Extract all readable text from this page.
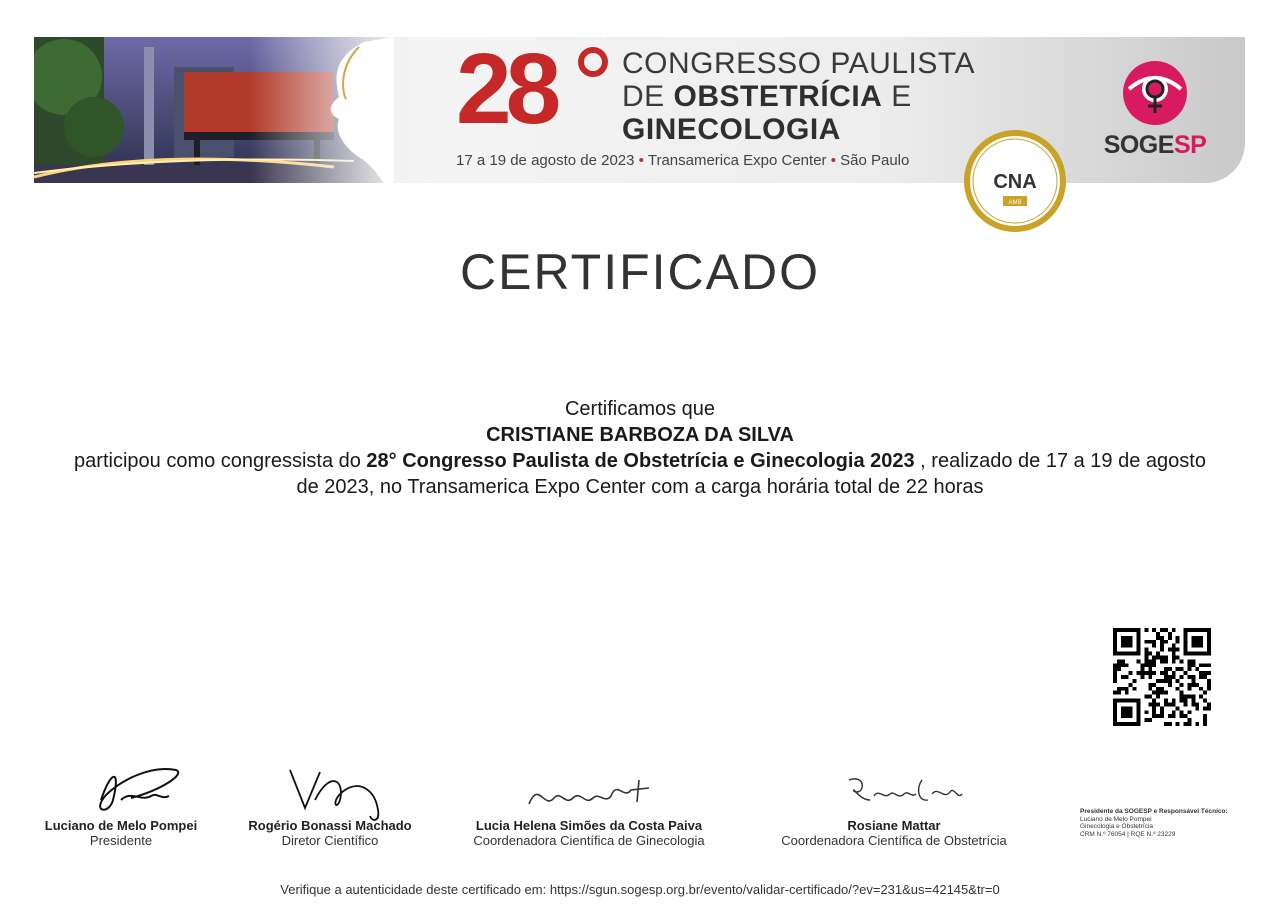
28 CONGRESSO PAULISTA
DE OBSTETRÍCIA E
GINECOLOGIA
17 a 19 de agosto de 2023 • Transamerica Expo Center • São Paulo
SOGESP
CNA
AMB
CERTIFICADO
Certificamos que
CRISTIANE BARBOZA DA SILVA
participou como congressista do 28° Congresso Paulista de Obstetrícia e Ginecologia 2023 , realizado de 17 a 19 de agosto de 2023, no Transamerica Expo Center com a carga horária total de 22 horas
Luciano de Melo Pompei
Presidente
Rogério Bonassi Machado
Diretor Científico
Lucia Helena Simões da Costa Paiva
Coordenadora Científica de Ginecologia
Rosiane Mattar
Coordenadora Científica de Obstetrícia
Presidente da SOGESP e Responsável Técnico:
Luciano de Melo Pompei
Ginecologia e Obstetrícia
CRM N.º 76054 | RQE N.º 23229
Verifique a autenticidade deste certificado em: https://sgun.sogesp.org.br/evento/validar-certificado/?ev=231&us=42145&tr=0
